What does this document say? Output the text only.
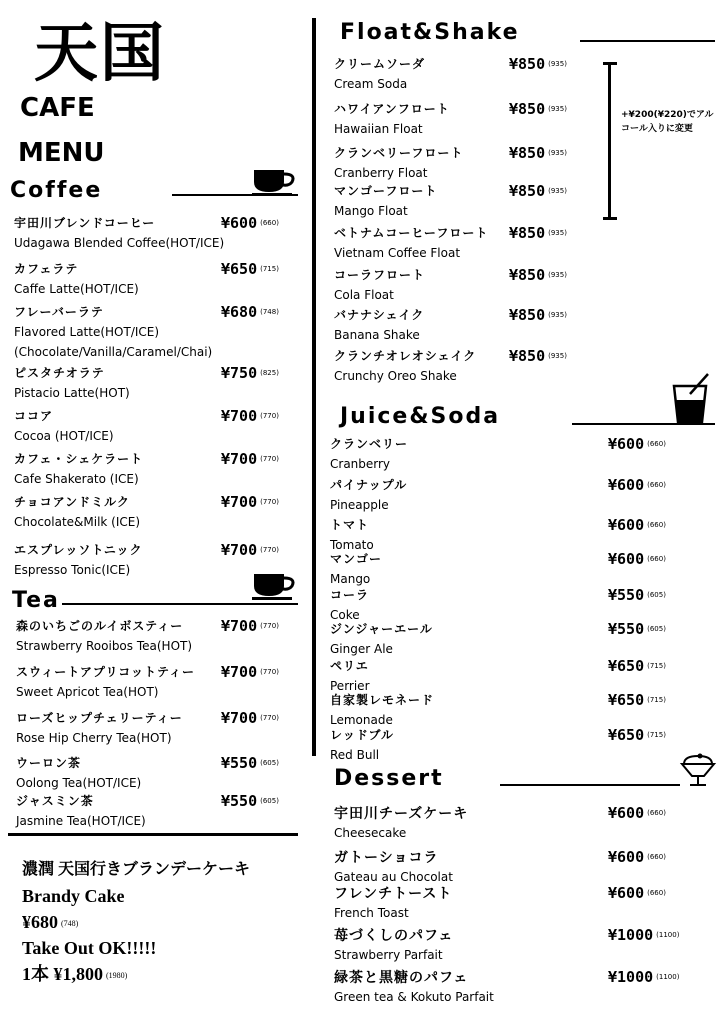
天国
CAFE
MENU
Coffee
宇田川ブレンドコーヒー
Udagawa Blended Coffee(HOT/ICE)
¥600 (660)
カフェラテ
Caffe Latte(HOT/ICE)
¥650 (715)
フレーバーラテ
Flavored Latte(HOT/ICE)
(Chocolate/Vanilla/Caramel/Chai)
¥680 (748)
ピスタチオラテ
Pistacio Latte(HOT)
¥750 (825)
ココア
Cocoa (HOT/ICE)
¥700 (770)
カフェ・シェケラート
Cafe Shakerato (ICE)
¥700 (770)
チョコアンドミルク
Chocolate&Milk (ICE)
¥700 (770)
エスプレッソトニック
Espresso Tonic(ICE)
¥700 (770)
Tea
森のいちごのルイボスティー
Strawberry Rooibos Tea(HOT)
¥700 (770)
スウィートアプリコットティー
Sweet Apricot Tea(HOT)
¥700 (770)
ローズヒップチェリーティー
Rose Hip Cherry Tea(HOT)
¥700 (770)
ウーロン茶
Oolong Tea(HOT/ICE)
¥550 (605)
ジャスミン茶
Jasmine Tea(HOT/ICE)
¥550 (605)
濃潤 天国行きブランデーケーキ
Brandy Cake
¥680 (748)
Take Out OK!!!!!
1本 ¥1,800 (1980)
Float&Shake
クリームソーダ
Cream Soda
¥850 (935)
ハワイアンフロート
Hawaiian Float
¥850 (935)
クランベリーフロート
Cranberry Float
¥850 (935)
マンゴーフロート
Mango Float
¥850 (935)
ベトナムコーヒーフロート
Vietnam Coffee Float
¥850 (935)
コーラフロート
Cola Float
¥850 (935)
バナナシェイク
Banana Shake
¥850 (935)
クランチオレオシェイク
Crunchy Oreo Shake
¥850 (935)
+¥200(¥220)でアルコール入りに変更
Juice&Soda
クランベリー
Cranberry
¥600 (660)
パイナップル
Pineapple
¥600 (660)
トマト
Tomato
¥600 (660)
マンゴー
Mango
¥600 (660)
コーラ
Coke
¥550 (605)
ジンジャーエール
Ginger Ale
¥550 (605)
ペリエ
Perrier
¥650 (715)
自家製レモネード
Lemonade
¥650 (715)
レッドブル
Red Bull
¥650 (715)
Dessert
宇田川チーズケーキ
Cheesecake
¥600 (660)
ガトーショコラ
Gateau au Chocolat
¥600 (660)
フレンチトースト
French Toast
¥600 (660)
苺づくしのパフェ
Strawberry Parfait
¥1000 (1100)
緑茶と黒糖のパフェ
Green tea & Kokuto Parfait
¥1000 (1100)
